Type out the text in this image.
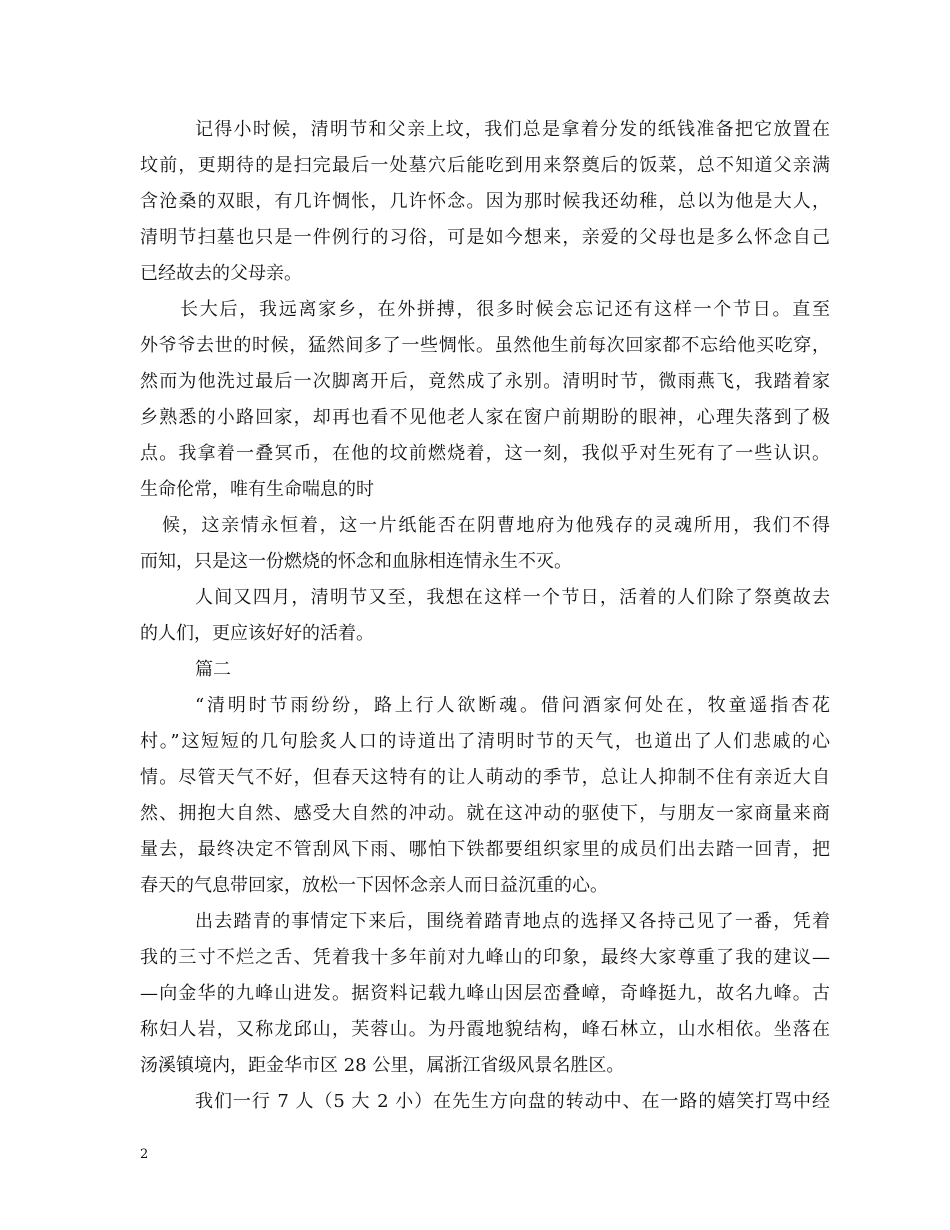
记得小时候，清明节和父亲上坟，我们总是拿着分发的纸钱准备把它放置在
坟前，更期待的是扫完最后一处墓穴后能吃到用来祭奠后的饭菜，总不知道父亲满
含沧桑的双眼，有几许惆怅，几许怀念。因为那时候我还幼稚，总以为他是大人，
清明节扫墓也只是一件例行的习俗，可是如今想来，亲爱的父母也是多么怀念自己
已经故去的父母亲。
长大后，我远离家乡，在外拼搏，很多时候会忘记还有这样一个节日。直至
外爷爷去世的时候，猛然间多了一些惆怅。虽然他生前每次回家都不忘给他买吃穿，
然而为他洗过最后一次脚离开后，竟然成了永别。清明时节，微雨燕飞，我踏着家
乡熟悉的小路回家，却再也看不见他老人家在窗户前期盼的眼神，心理失落到了极
点。我拿着一叠冥币，在他的坟前燃烧着，这一刻，我似乎对生死有了一些认识。
生命伦常，唯有生命喘息的时
候，这亲情永恒着，这一片纸能否在阴曹地府为他残存的灵魂所用，我们不得
而知，只是这一份燃烧的怀念和血脉相连情永生不灭。
人间又四月，清明节又至，我想在这样一个节日，活着的人们除了祭奠故去
的人们，更应该好好的活着。
篇二
“清明时节雨纷纷，路上行人欲断魂。借问酒家何处在，牧童遥指杏花
村。”这短短的几句脍炙人口的诗道出了清明时节的天气，也道出了人们悲戚的心
情。尽管天气不好，但春天这特有的让人萌动的季节，总让人抑制不住有亲近大自
然、拥抱大自然、感受大自然的冲动。就在这冲动的驱使下，与朋友一家商量来商
量去，最终决定不管刮风下雨、哪怕下铁都要组织家里的成员们出去踏一回青，把
春天的气息带回家，放松一下因怀念亲人而日益沉重的心。
出去踏青的事情定下来后，围绕着踏青地点的选择又各持己见了一番，凭着
我的三寸不烂之舌、凭着我十多年前对九峰山的印象，最终大家尊重了我的建议—
—向金华的九峰山进发。据资料记载九峰山因层峦叠嶂，奇峰挺九，故名九峰。古
称妇人岩，又称龙邱山，芙蓉山。为丹霞地貌结构，峰石林立，山水相依。坐落在
汤溪镇境内，距金华市区 28 公里，属浙江省级风景名胜区。
我们一行 7 人（5 大 2 小）在先生方向盘的转动中、在一路的嬉笑打骂中经
2
